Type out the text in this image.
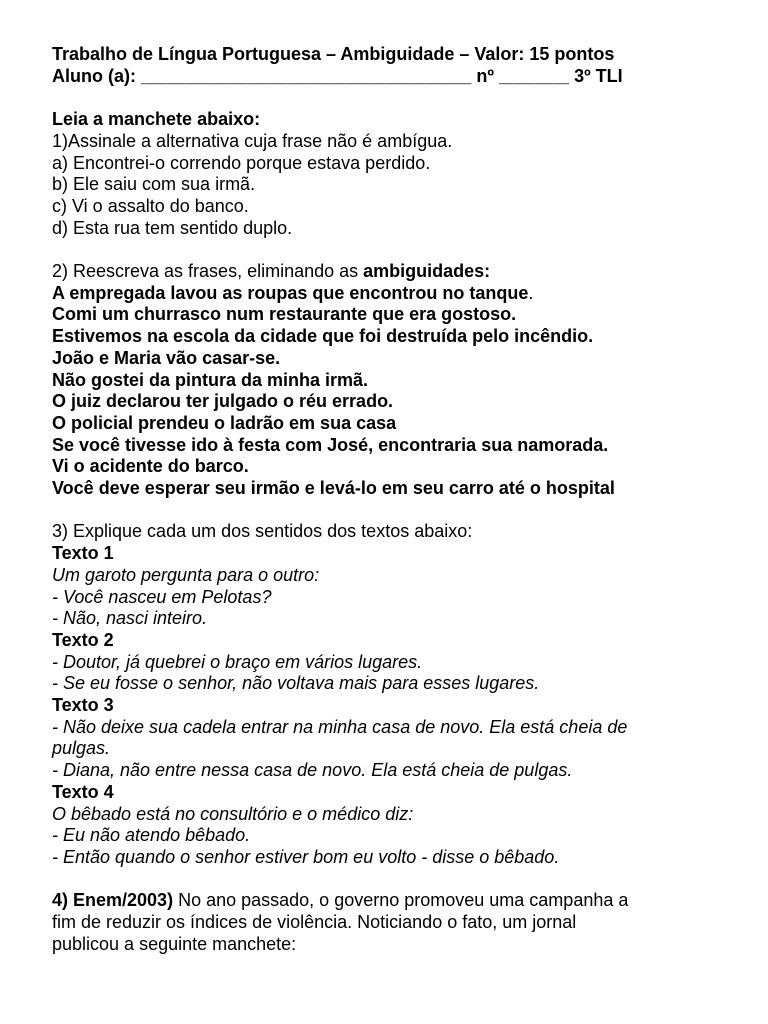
Trabalho de Língua Portuguesa – Ambiguidade – Valor: 15 pontos
Aluno (a): _________________________________ nº _______ 3º TLI
Leia a manchete abaixo:
1)Assinale a alternativa cuja frase não é ambígua.
a) Encontrei-o correndo porque estava perdido.
b) Ele saiu com sua irmã.
c) Vi o assalto do banco.
d) Esta rua tem sentido duplo.
2) Reescreva as frases, eliminando as ambiguidades:
A empregada lavou as roupas que encontrou no tanque.
Comi um churrasco num restaurante que era gostoso.
Estivemos na escola da cidade que foi destruída pelo incêndio.
João e Maria vão casar-se.
Não gostei da pintura da minha irmã.
O juiz declarou ter julgado o réu errado.
O policial prendeu o ladrão em sua casa
Se você tivesse ido à festa com José, encontraria sua namorada.
Vi o acidente do barco.
Você deve esperar seu irmão e levá-lo em seu carro até o hospital
3) Explique cada um dos sentidos dos textos abaixo:
Texto 1
Um garoto pergunta para o outro:
- Você nasceu em Pelotas?
- Não, nasci inteiro.
Texto 2
- Doutor, já quebrei o braço em vários lugares.
- Se eu fosse o senhor, não voltava mais para esses lugares.
Texto 3
- Não deixe sua cadela entrar na minha casa de novo. Ela está cheia de
pulgas.
- Diana, não entre nessa casa de novo. Ela está cheia de pulgas.
Texto 4
O bêbado está no consultório e o médico diz:
- Eu não atendo bêbado.
- Então quando o senhor estiver bom eu volto - disse o bêbado.
4) Enem/2003) No ano passado, o governo promoveu uma campanha a
fim de reduzir os índices de violência. Noticiando o fato, um jornal
publicou a seguinte manchete:
